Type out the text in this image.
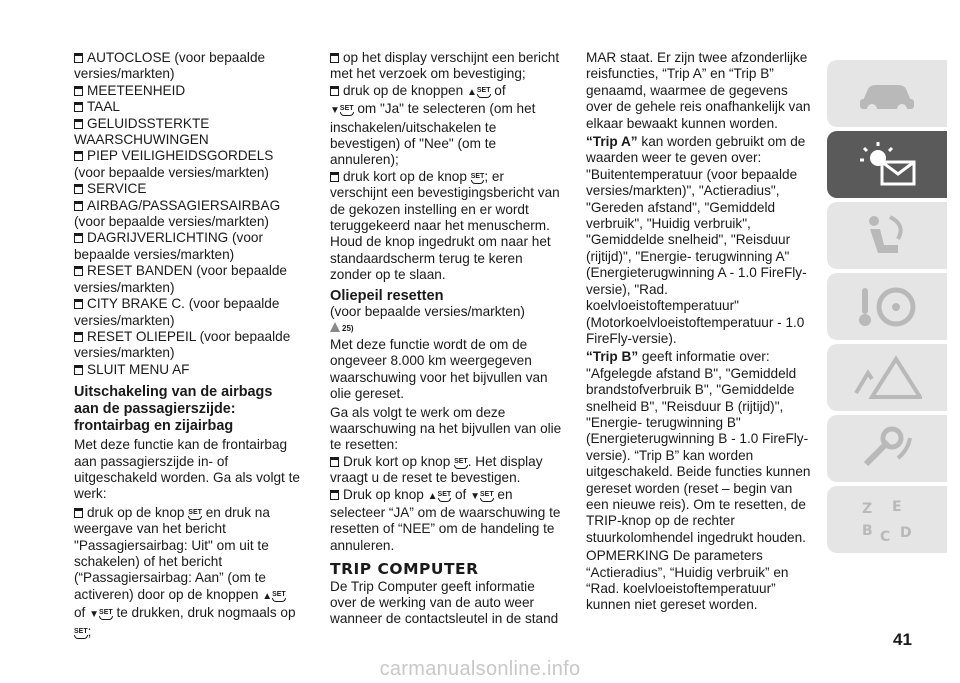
AUTOCLOSE (voor bepaalde versies/markten)

MEETEENHEID

TAAL

GELUIDSSTERKTE WAARSCHUWINGEN

PIEP VEILIGHEIDSGORDELS (voor bepaalde versies/markten)

SERVICE

AIRBAG/PASSAGIERSAIRBAG (voor bepaalde versies/markten)

DAGRIJVERLICHTING (voor bepaalde versies/markten)

RESET BANDEN (voor bepaalde versies/markten)

CITY BRAKE C. (voor bepaalde versies/markten)

RESET OLIEPEIL (voor bepaalde versies/markten)

SLUIT MENU AF

Uitschakeling van de airbags aan de passagierszijde: frontairbag en zijairbag

Met deze functie kan de frontairbag aan passagierszijde in- of uitgeschakeld worden. Ga als volgt te werk:

druk op de knop SET en druk na weergave van het bericht "Passagiersairbag: Uit" om uit te schakelen) of het bericht (“Passagiersairbag: Aan” (om te activeren) door op de knoppen ▲SET of ▼SET te drukken, druk nogmaals op SET;

op het display verschijnt een bericht met het verzoek om bevestiging;

druk op de knoppen ▲SET of
▼SET om "Ja" te selecteren (om het inschakelen/uitschakelen te bevestigen) of "Nee" (om te annuleren);

druk kort op de knop SET; er verschijnt een bevestigingsbericht van de gekozen instelling en er wordt teruggekeerd naar het menuscherm. Houd de knop ingedrukt om naar het standaardscherm terug te keren zonder op te slaan.

Oliepeil resetten

(voor bepaalde versies/markten)

25)

Met deze functie wordt de om de ongeveer 8.000 km weergegeven waarschuwing voor het bijvullen van olie gereset.

Ga als volgt te werk om deze waarschuwing na het bijvullen van olie te resetten:

Druk kort op knop SET. Het display vraagt u de reset te bevestigen.

Druk op knop ▲SET of ▼SET en selecteer “JA” om de waarschuwing te resetten of “NEE” om de handeling te annuleren.

TRIP COMPUTER

De Trip Computer geeft informatie over de werking van de auto weer wanneer de contactsleutel in de stand

MAR staat. Er zijn twee afzonderlijke reisfuncties, “Trip A” en “Trip B” genaamd, waarmee de gegevens over de gehele reis onafhankelijk van elkaar bewaakt kunnen worden.

“Trip A” kan worden gebruikt om de waarden weer te geven over: "Buitentemperatuur (voor bepaalde versies/markten)", "Actieradius", "Gereden afstand", "Gemiddeld verbruik", "Huidig verbruik", "Gemiddelde snelheid", "Reisduur (rijtijd)", "Energie- terugwinning A" (Energieterugwinning A - 1.0 FireFly-versie), "Rad. koelvloeistoftemperatuur" (Motorkoelvloeistoftemperatuur - 1.0 FireFly-versie).

“Trip B” geeft informatie over: "Afgelegde afstand B", "Gemiddeld brandstofverbruik B", "Gemiddelde snelheid B", "Reisduur B (rijtijd)", "Energie- terugwinning B" (Energieterugwinning B - 1.0 FireFly-versie). “Trip B” kan worden uitgeschakeld. Beide functies kunnen gereset worden (reset – begin van een nieuwe reis). Om te resetten, de TRIP-knop op de rechter stuurkolomhendel ingedrukt houden.

OPMERKING De parameters “Actieradius”, “Huidig verbruik” en “Rad. koelvloeistoftemperatuur” kunnen niet gereset worden.

Z E
B C D
41
carmanualsonline.info
